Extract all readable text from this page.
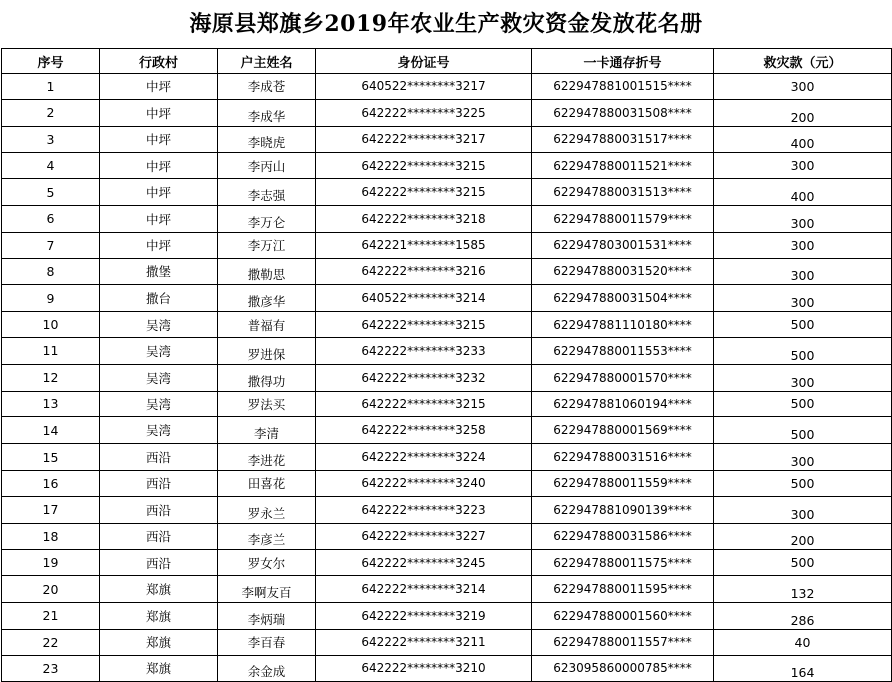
海原县郑旗乡2019年农业生产救灾资金发放花名册
序号	行政村	户主姓名	身份证号	一卡通存折号	救灾款（元）
1	中坪	李成苍	640522********3217	622947881001515****	300
2	中坪	李成华	642222********3225	622947880031508****	200
3	中坪	李晓虎	642222********3217	622947880031517****	400
4	中坪	李丙山	642222********3215	622947880011521****	300
5	中坪	李志强	642222********3215	622947880031513****	400
6	中坪	李万仑	642222********3218	622947880011579****	300
7	中坪	李万江	642221********1585	622947803001531****	300
8	撒堡	撒勒思	642222********3216	622947880031520****	300
9	撒台	撒彦华	640522********3214	622947880031504****	300
10	吴湾	普福有	642222********3215	622947881110180****	500
11	吴湾	罗进保	642222********3233	622947880011553****	500
12	吴湾	撒得功	642222********3232	622947880001570****	300
13	吴湾	罗法买	642222********3215	622947881060194****	500
14	吴湾	李清	642222********3258	622947880001569****	500
15	西沿	李进花	642222********3224	622947880031516****	300
16	西沿	田喜花	642222********3240	622947880011559****	500
17	西沿	罗永兰	642222********3223	622947881090139****	300
18	西沿	李彦兰	642222********3227	622947880031586****	200
19	西沿	罗女尔	642222********3245	622947880011575****	500
20	郑旗	李啊友百	642222********3214	622947880011595****	132
21	郑旗	李炳瑞	642222********3219	622947880001560****	286
22	郑旗	李百春	642222********3211	622947880011557****	40
23	郑旗	余金成	642222********3210	623095860000785****	164
